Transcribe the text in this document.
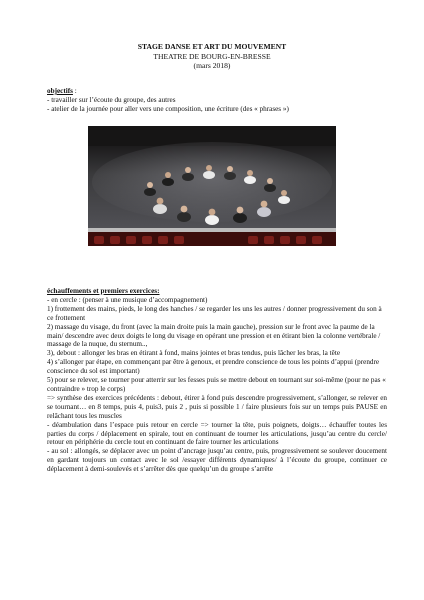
STAGE DANSE ET ART DU MOUVEMENT
THEATRE DE BOURG-EN-BRESSE
(mars 2018)

objectifs :

- travailler sur l’écoute du groupe, des autres

- atelier de la journée pour aller vers une composition, une écriture (des « phrases »)

échauffements et premiers exercices:

- en cercle : (penser à une musique d’accompagnement)

1) frottement des mains, pieds, le long des hanches / se regarder les uns les autres / donner progressivement du son à ce frottement

2) massage du visage, du front (avec la main droite puis la main gauche), pression sur le front avec la paume de la main/ descendre avec deux doigts le long du visage en opérant une pression et en étirant bien la colonne vertébrale / massage de la nuque, du sternum..,

3), debout : allonger les bras en étirant à fond, mains jointes et bras tendus, puis lâcher les bras, la tête

4) s’allonger par étape, en commençant par être à genoux, et prendre conscience de tous les points d’appui (prendre conscience du sol est important)

5) pour se relever, se tourner pour atterrir sur les fesses puis se mettre debout en tournant sur soi-même (pour ne pas « contraindre » trop le corps)

=> synthèse des exercices précédents : debout, étirer à fond puis descendre progressivement, s’allonger, se relever en se tournant… en 8 temps, puis 4, puis3, puis 2 , puis si possible 1 / faire plusieurs fois sur un temps puis PAUSE en relâchant tous les muscles

- déambulation dans l’espace puis retour en cercle => tourner la tête, puis poignets, doigts… échauffer toutes les parties du corps / déplacement en spirale, tout en continuant de tourner les articulations, jusqu’au centre du cercle/ retour en périphérie du cercle tout en continuant de faire tourner les articulations

- au sol : allongés, se déplacer avec un point d’ancrage jusqu’au centre, puis, progressivement se soulever doucement en gardant toujours un contact avec le sol /essayer différents dynamiques/ à l’écoute du groupe, continuer ce déplacement à demi-soulevés et s’arrêter dès que quelqu’un du groupe s’arrête
